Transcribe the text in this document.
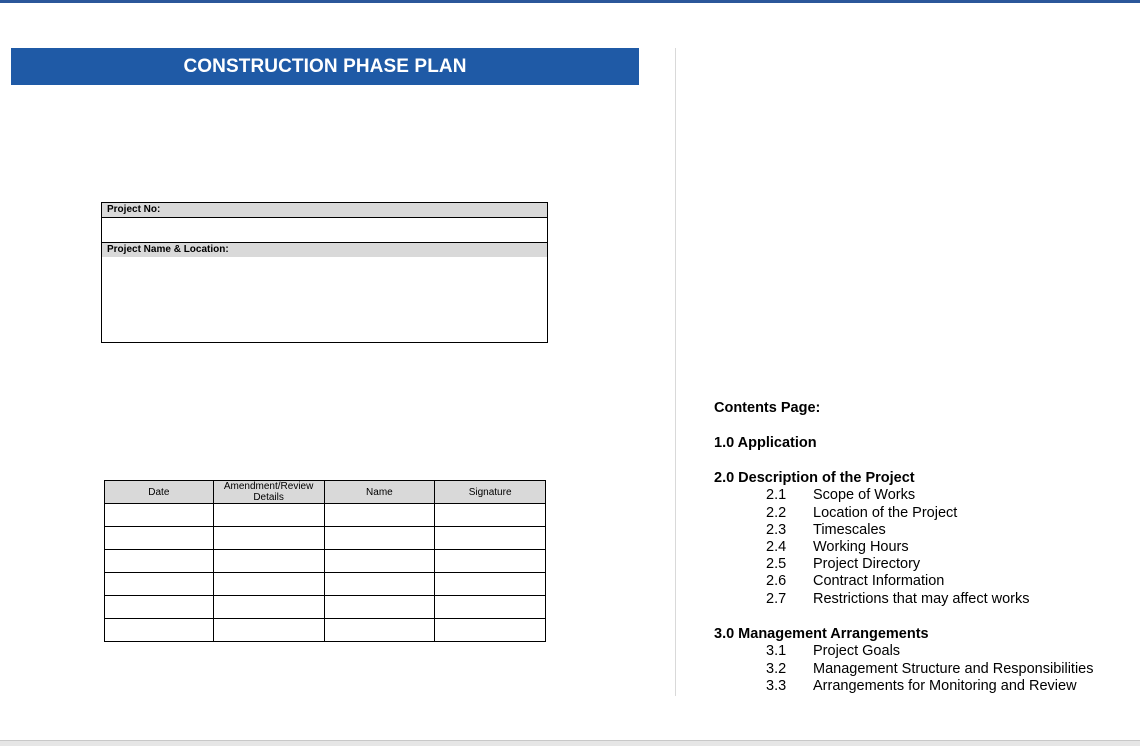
CONSTRUCTION PHASE PLAN
Project No:
Project Name & Location:
Date	Amendment/Review Details	Name	Signature

Contents Page:
1.0 Application
2.0 Description of the Project
2.1 Scope of Works
2.2 Location of the Project
2.3 Timescales
2.4 Working Hours
2.5 Project Directory
2.6 Contract Information
2.7 Restrictions that may affect works
3.0 Management Arrangements
3.1 Project Goals
3.2 Management Structure and Responsibilities
3.3 Arrangements for Monitoring and Review
